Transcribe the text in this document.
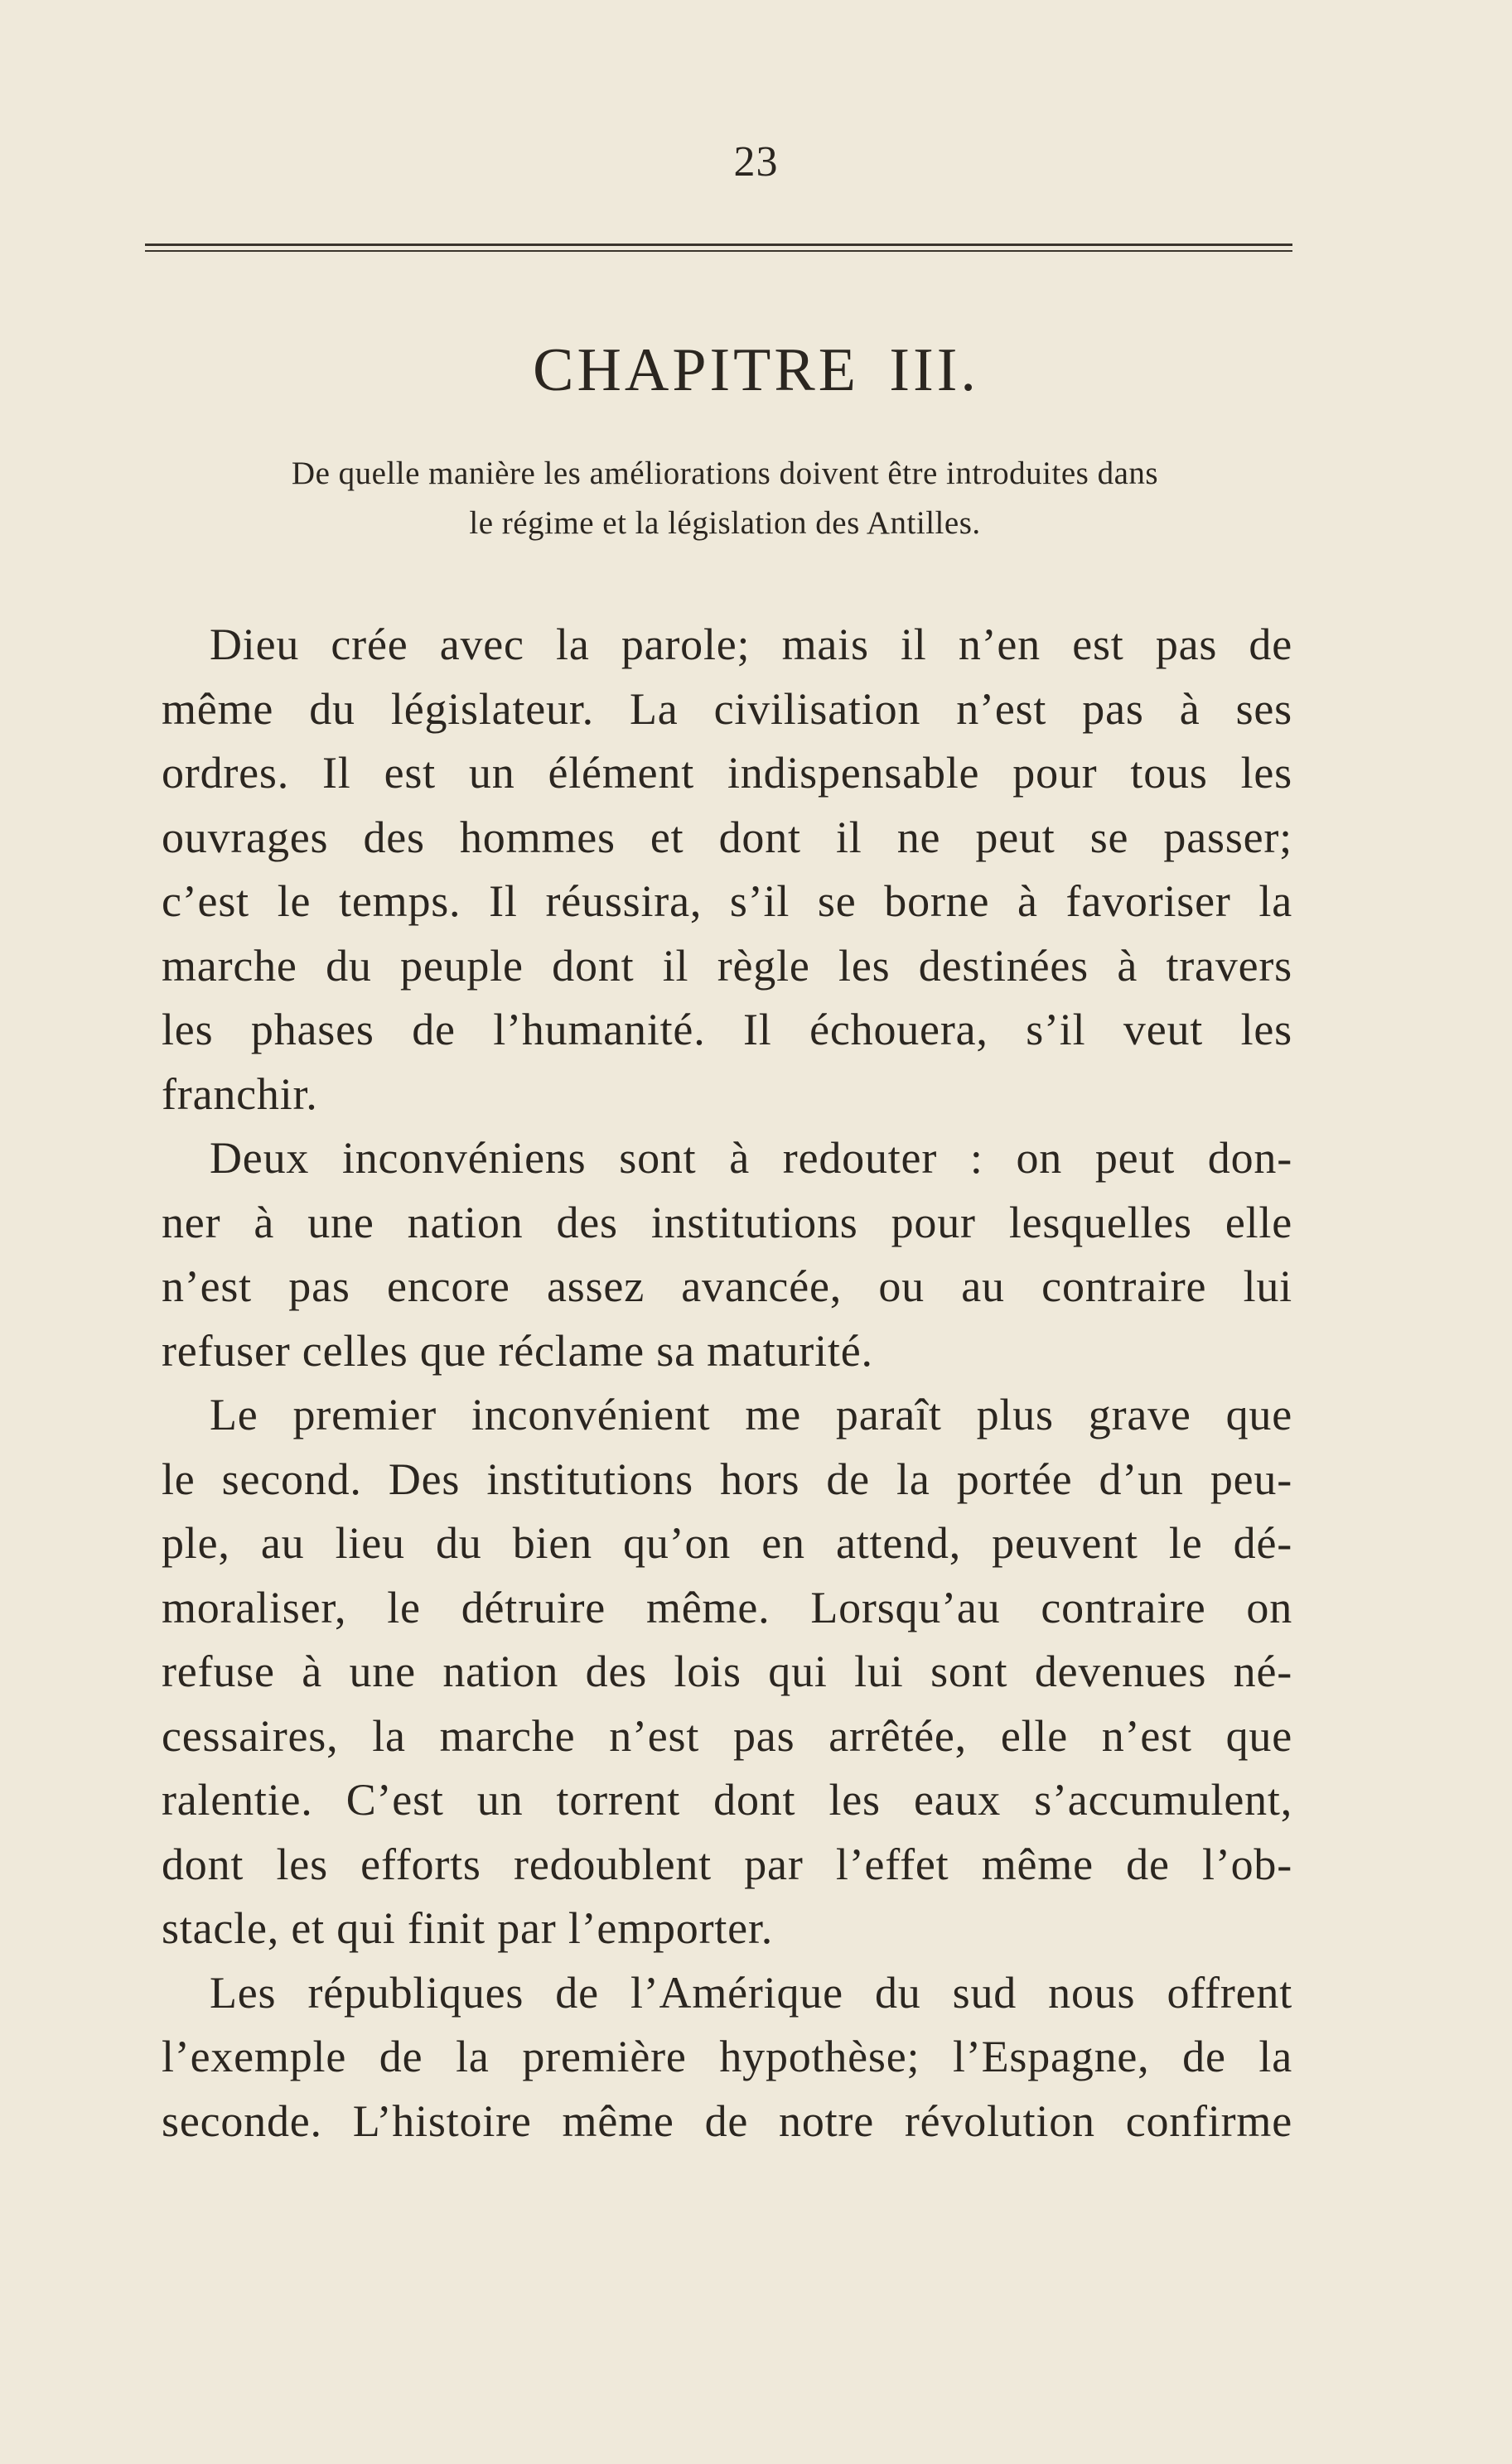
23
CHAPITRE III.
De quelle manière les améliorations doivent être introduites dans
le régime et la législation des Antilles.
Dieu crée avec la parole; mais il n’en est pas de
même du législateur. La civilisation n’est pas à ses
ordres. Il est un élément indispensable pour tous les
ouvrages des hommes et dont il ne peut se passer;
c’est le temps. Il réussira, s’il se borne à favoriser la
marche du peuple dont il règle les destinées à travers
les phases de l’humanité. Il échouera, s’il veut les
franchir.
Deux inconvéniens sont à redouter : on peut don-
ner à une nation des institutions pour lesquelles elle
n’est pas encore assez avancée, ou au contraire lui
refuser celles que réclame sa maturité.
Le premier inconvénient me paraît plus grave que
le second. Des institutions hors de la portée d’un peu-
ple, au lieu du bien qu’on en attend, peuvent le dé-
moraliser, le détruire même. Lorsqu’au contraire on
refuse à une nation des lois qui lui sont devenues né-
cessaires, la marche n’est pas arrêtée, elle n’est que
ralentie. C’est un torrent dont les eaux s’accumulent,
dont les efforts redoublent par l’effet même de l’ob-
stacle, et qui finit par l’emporter.
Les républiques de l’Amérique du sud nous offrent
l’exemple de la première hypothèse; l’Espagne, de la
seconde. L’histoire même de notre révolution confirme
